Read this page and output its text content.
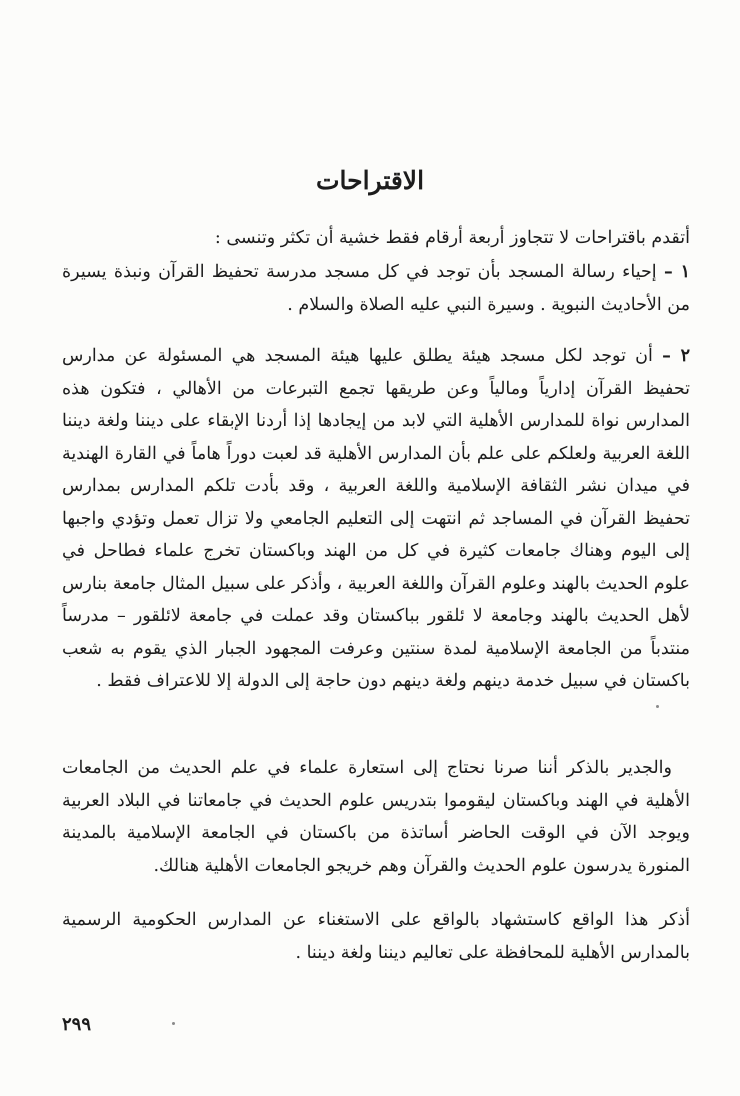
الاقتراحات

أتقدم باقتراحات لا تتجاوز أربعة أرقام فقط خشية أن تكثر وتنسى :

١ – إحياء رسالة المسجد بأن توجد في كل مسجد مدرسة تحفيظ القرآن ونبذة يسيرة من الأحاديث النبوية . وسيرة النبي عليه الصلاة والسلام .

٢ – أن توجد لكل مسجد هيئة يطلق عليها هيئة المسجد هي المسئولة عن مدارس تحفيظ القرآن إدارياً ومالياً وعن طريقها تجمع التبرعات من الأهالي ، فتكون هذه المدارس نواة للمدارس الأهلية التي لابد من إيجادها إذا أردنا الإبقاء على ديننا ولغة ديننا اللغة العربية ولعلكم على علم بأن المدارس الأهلية قد لعبت دوراً هاماً في القارة الهندية في ميدان نشر الثقافة الإسلامية واللغة العربية ، وقد بأدت تلكم المدارس بمدارس تحفيظ القرآن في المساجد ثم انتهت إلى التعليم الجامعي ولا تزال تعمل وتؤدي واجبها إلى اليوم وهناك جامعات كثيرة في كل من الهند وباكستان تخرج علماء فطاحل في علوم الحديث بالهند وعلوم القرآن واللغة العربية ، وأذكر على سبيل المثال جامعة بنارس لأهل الحديث بالهند وجامعة لا ئلقور بباكستان وقد عملت في جامعة لائلقور – مدرساً منتدباً من الجامعة الإسلامية لمدة سنتين وعرفت المجهود الجبار الذي يقوم به شعب باكستان في سبيل خدمة دينهم ولغة دينهم دون حاجة إلى الدولة إلا للاعتراف فقط .

والجدير بالذكر أننا صرنا نحتاج إلى استعارة علماء في علم الحديث من الجامعات الأهلية في الهند وباكستان ليقوموا بتدريس علوم الحديث في جامعاتنا في البلاد العربية ويوجد الآن في الوقت الحاضر أساتذة من باكستان في الجامعة الإسلامية بالمدينة المنورة يدرسون علوم الحديث والقرآن وهم خريجو الجامعات الأهلية هنالك.

أذكر هذا الواقع كاستشهاد بالواقع على الاستغناء عن المدارس الحكومية الرسمية بالمدارس الأهلية للمحافظة على تعاليم ديننا ولغة ديننا .

٢٩٩
